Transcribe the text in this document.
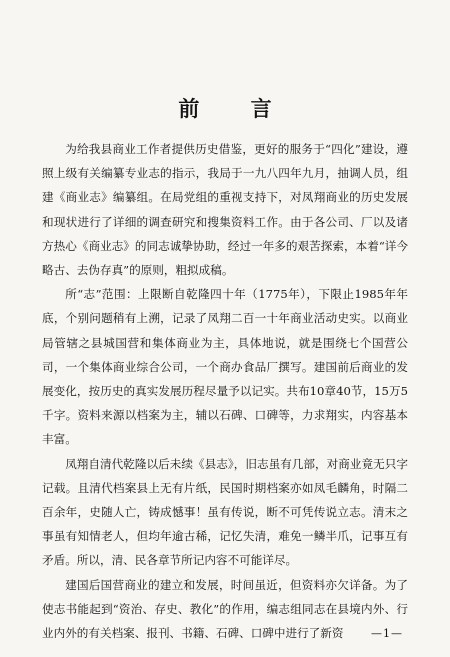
前 言

为给我县商业工作者提供历史借鉴，更好的服务于“四化”建设，遵照上级有关编纂专业志的指示，我局于一九八四年九月，抽调人员，组建《商业志》编纂组。在局党组的重视支持下，对凤翔商业的历史发展和现状进行了详细的调查研究和搜集资料工作。由于各公司、厂以及诸方热心《商业志》的同志诚挚协助，经过一年多的艰苦探索，本着“详今略古、去伪存真”的原则，粗拟成稿。

所“志”范围：上限断自乾隆四十年（1775年），下限止1985年年底，个别问题稍有上溯，记录了凤翔二百一十年商业活动史实。以商业局管辖之县城国营和集体商业为主，具体地说，就是围绕七个国营公司，一个集体商业综合公司，一个商办食品厂撰写。建国前后商业的发展变化，按历史的真实发展历程尽量予以记实。共布10章40节，15万5千字。资料来源以档案为主，辅以石碑、口碑等，力求翔实，内容基本丰富。

凤翔自清代乾隆以后未续《县志》，旧志虽有几部，对商业竟无只字记载。且清代档案县上无有片纸，民国时期档案亦如凤毛麟角，时隔二百余年，史随人亡，铸成憾事！虽有传说，断不可凭传说立志。清末之事虽有知情老人，但均年逾古稀，记忆失清，难免一鳞半爪，记事互有矛盾。所以，清、民各章节所记内容不可能详尽。

建国后国营商业的建立和发展，时间虽近，但资料亦欠详备。为了使志书能起到“资治、存史、教化”的作用，编志组同志在县境内外、行业内外的有关档案、报刊、书籍、石碑、口碑中进行了新资	—1—
